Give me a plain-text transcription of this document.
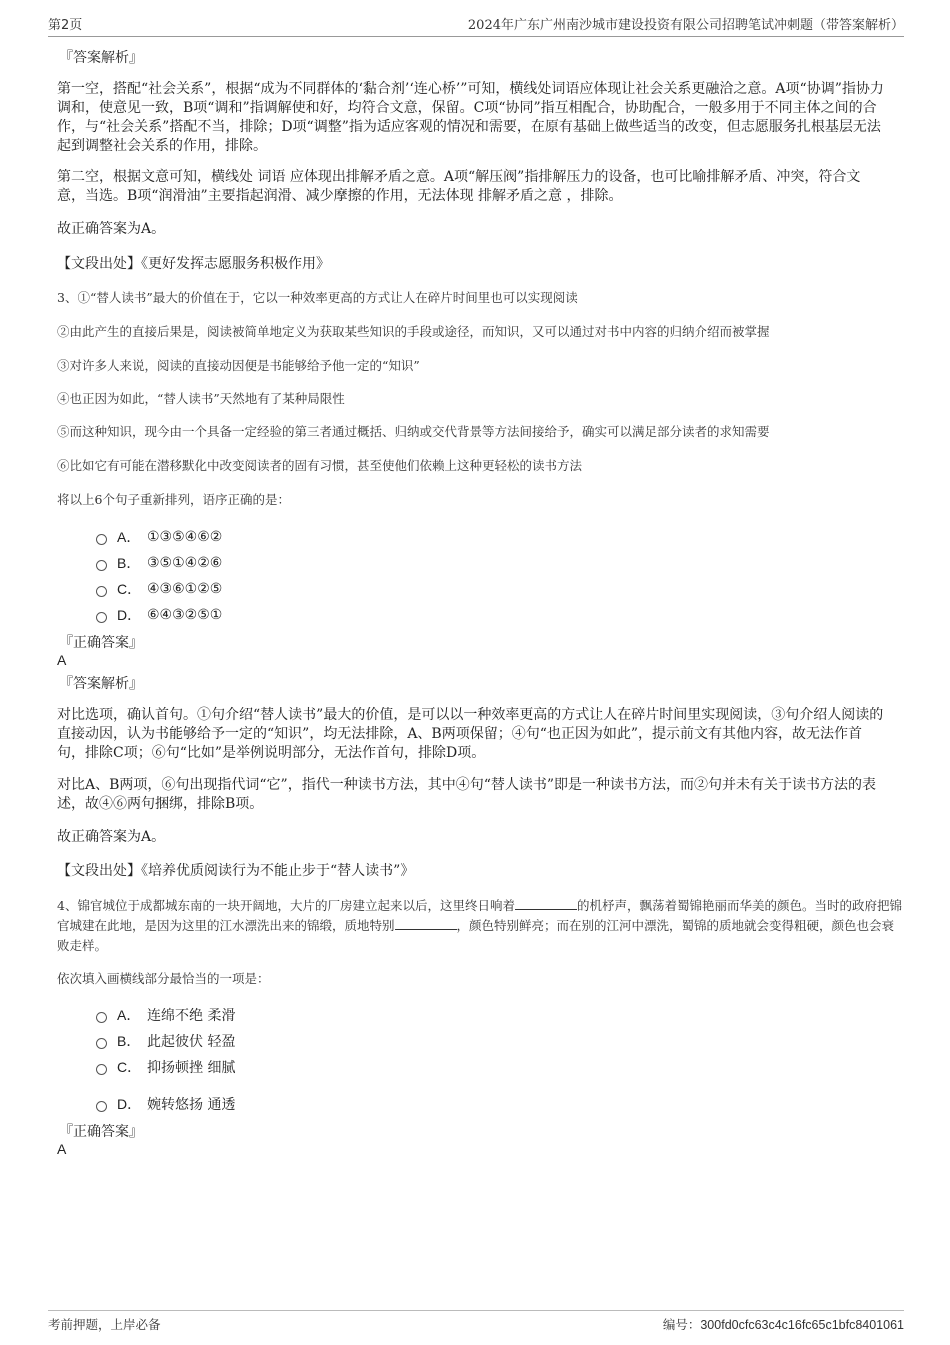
第2页	2024年广东广州南沙城市建设投资有限公司招聘笔试冲刺题（带答案解析）
『答案解析』
第一空，搭配“社会关系”，根据“成为不同群体的‘黏合剂’‘连心桥’”可知，横线处词语应体现让社会关系更融洽之意。A项“协调”指协力调和，使意见一致，B项“调和”指调解使和好，均符合文意，保留。C项“协同”指互相配合，协助配合，一般多用于不同主体之间的合作，与“社会关系”搭配不当，排除；D项“调整”指为适应客观的情况和需要，在原有基础上做些适当的改变，但志愿服务扎根基层无法起到调整社会关系的作用，排除。
第二空，根据文意可知，横线处 词语 应体现出排解矛盾之意。A项“解压阀”指排解压力的设备，也可比喻排解矛盾、冲突，符合文意，当选。B项“润滑油”主要指起润滑、减少摩擦的作用，无法体现 排解矛盾之意 ，排除。
故正确答案为A。
【文段出处】《更好发挥志愿服务积极作用》
3、①“替人读书”最大的价值在于，它以一种效率更高的方式让人在碎片时间里也可以实现阅读
②由此产生的直接后果是，阅读被简单地定义为获取某些知识的手段或途径，而知识，又可以通过对书中内容的归纳介绍而被掌握
③对许多人来说，阅读的直接动因便是书能够给予他一定的“知识”
④也正因为如此，“替人读书”天然地有了某种局限性
⑤而这种知识，现今由一个具备一定经验的第三者通过概括、归纳或交代背景等方法间接给予，确实可以满足部分读者的求知需要
⑥比如它有可能在潜移默化中改变阅读者的固有习惯，甚至使他们依赖上这种更轻松的读书方法
将以上6个句子重新排列，语序正确的是：
A． ①③⑤④⑥②
B． ③⑤①④②⑥
C． ④③⑥①②⑤
D． ⑥④③②⑤①
『正确答案』
A
『答案解析』
对比选项，确认首句。①句介绍“替人读书”最大的价值，是可以以一种效率更高的方式让人在碎片时间里实现阅读，③句介绍人阅读的直接动因，认为书能够给予一定的“知识”，均无法排除，A、B两项保留；④句“也正因为如此”，提示前文有其他内容，故无法作首句，排除C项；⑥句“比如”是举例说明部分，无法作首句，排除D项。
对比A、B两项，⑥句出现指代词“它”，指代一种读书方法，其中④句“替人读书”即是一种读书方法，而②句并未有关于读书方法的表述，故④⑥两句捆绑，排除B项。
故正确答案为A。
【文段出处】《培养优质阅读行为不能止步于“替人读书”》
4、锦官城位于成都城东南的一块开阔地，大片的厂房建立起来以后，这里终日响着	的机杼声，飘荡着蜀锦艳丽而华美的颜色。当时的政府把锦官城建在此地，是因为这里的江水漂洗出来的锦缎，质地特别	，颜色特别鲜亮；而在别的江河中漂洗，蜀锦的质地就会变得粗硬，颜色也会衰败走样。
依次填入画横线部分最恰当的一项是：
A． 连绵不绝 柔滑
B． 此起彼伏 轻盈
C． 抑扬顿挫 细腻
D． 婉转悠扬 通透
『正确答案』
A
考前押题，上岸必备	编号：300fd0cfc63c4c16fc65c1bfc8401061
